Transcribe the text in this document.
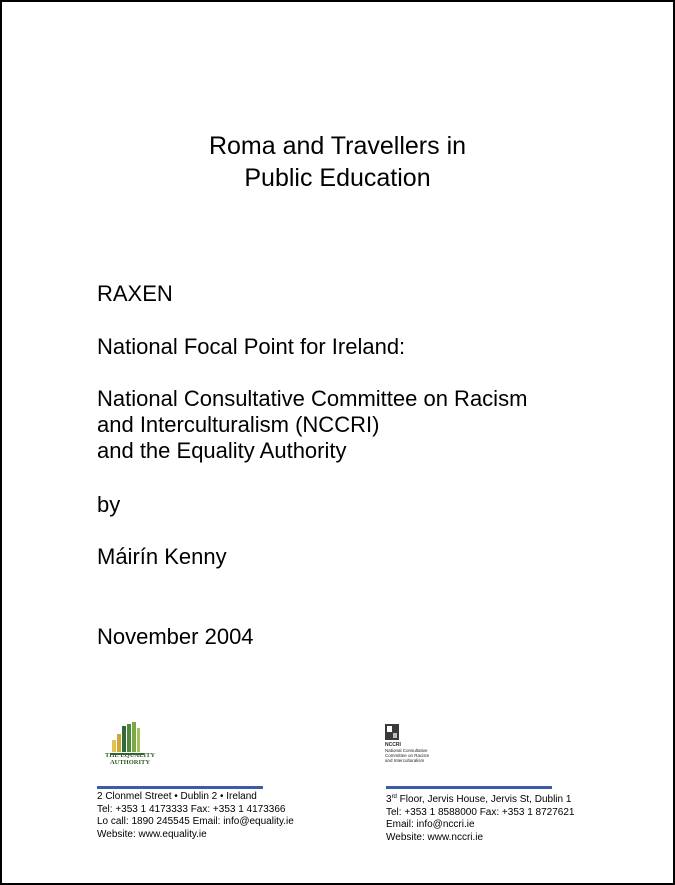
Roma and Travellers in
Public Education
RAXEN
National Focal Point for Ireland:
National Consultative Committee on Racism
and Interculturalism (NCCRI)
and the Equality Authority
by
Máirín Kenny
November 2004
THE EQUALITY
AUTHORITY
NCCRI
National Consultative
Committee on Racism
and Interculturalism
2 Clonmel Street • Dublin 2 • Ireland
Tel: +353 1 4173333 Fax: +353 1 4173366
Lo call: 1890 245545 Email: info@equality.ie
Website: www.equality.ie
3rd Floor, Jervis House, Jervis St, Dublin 1
Tel: +353 1 8588000 Fax: +353 1 8727621
Email: info@nccri.ie
Website: www.nccri.ie
